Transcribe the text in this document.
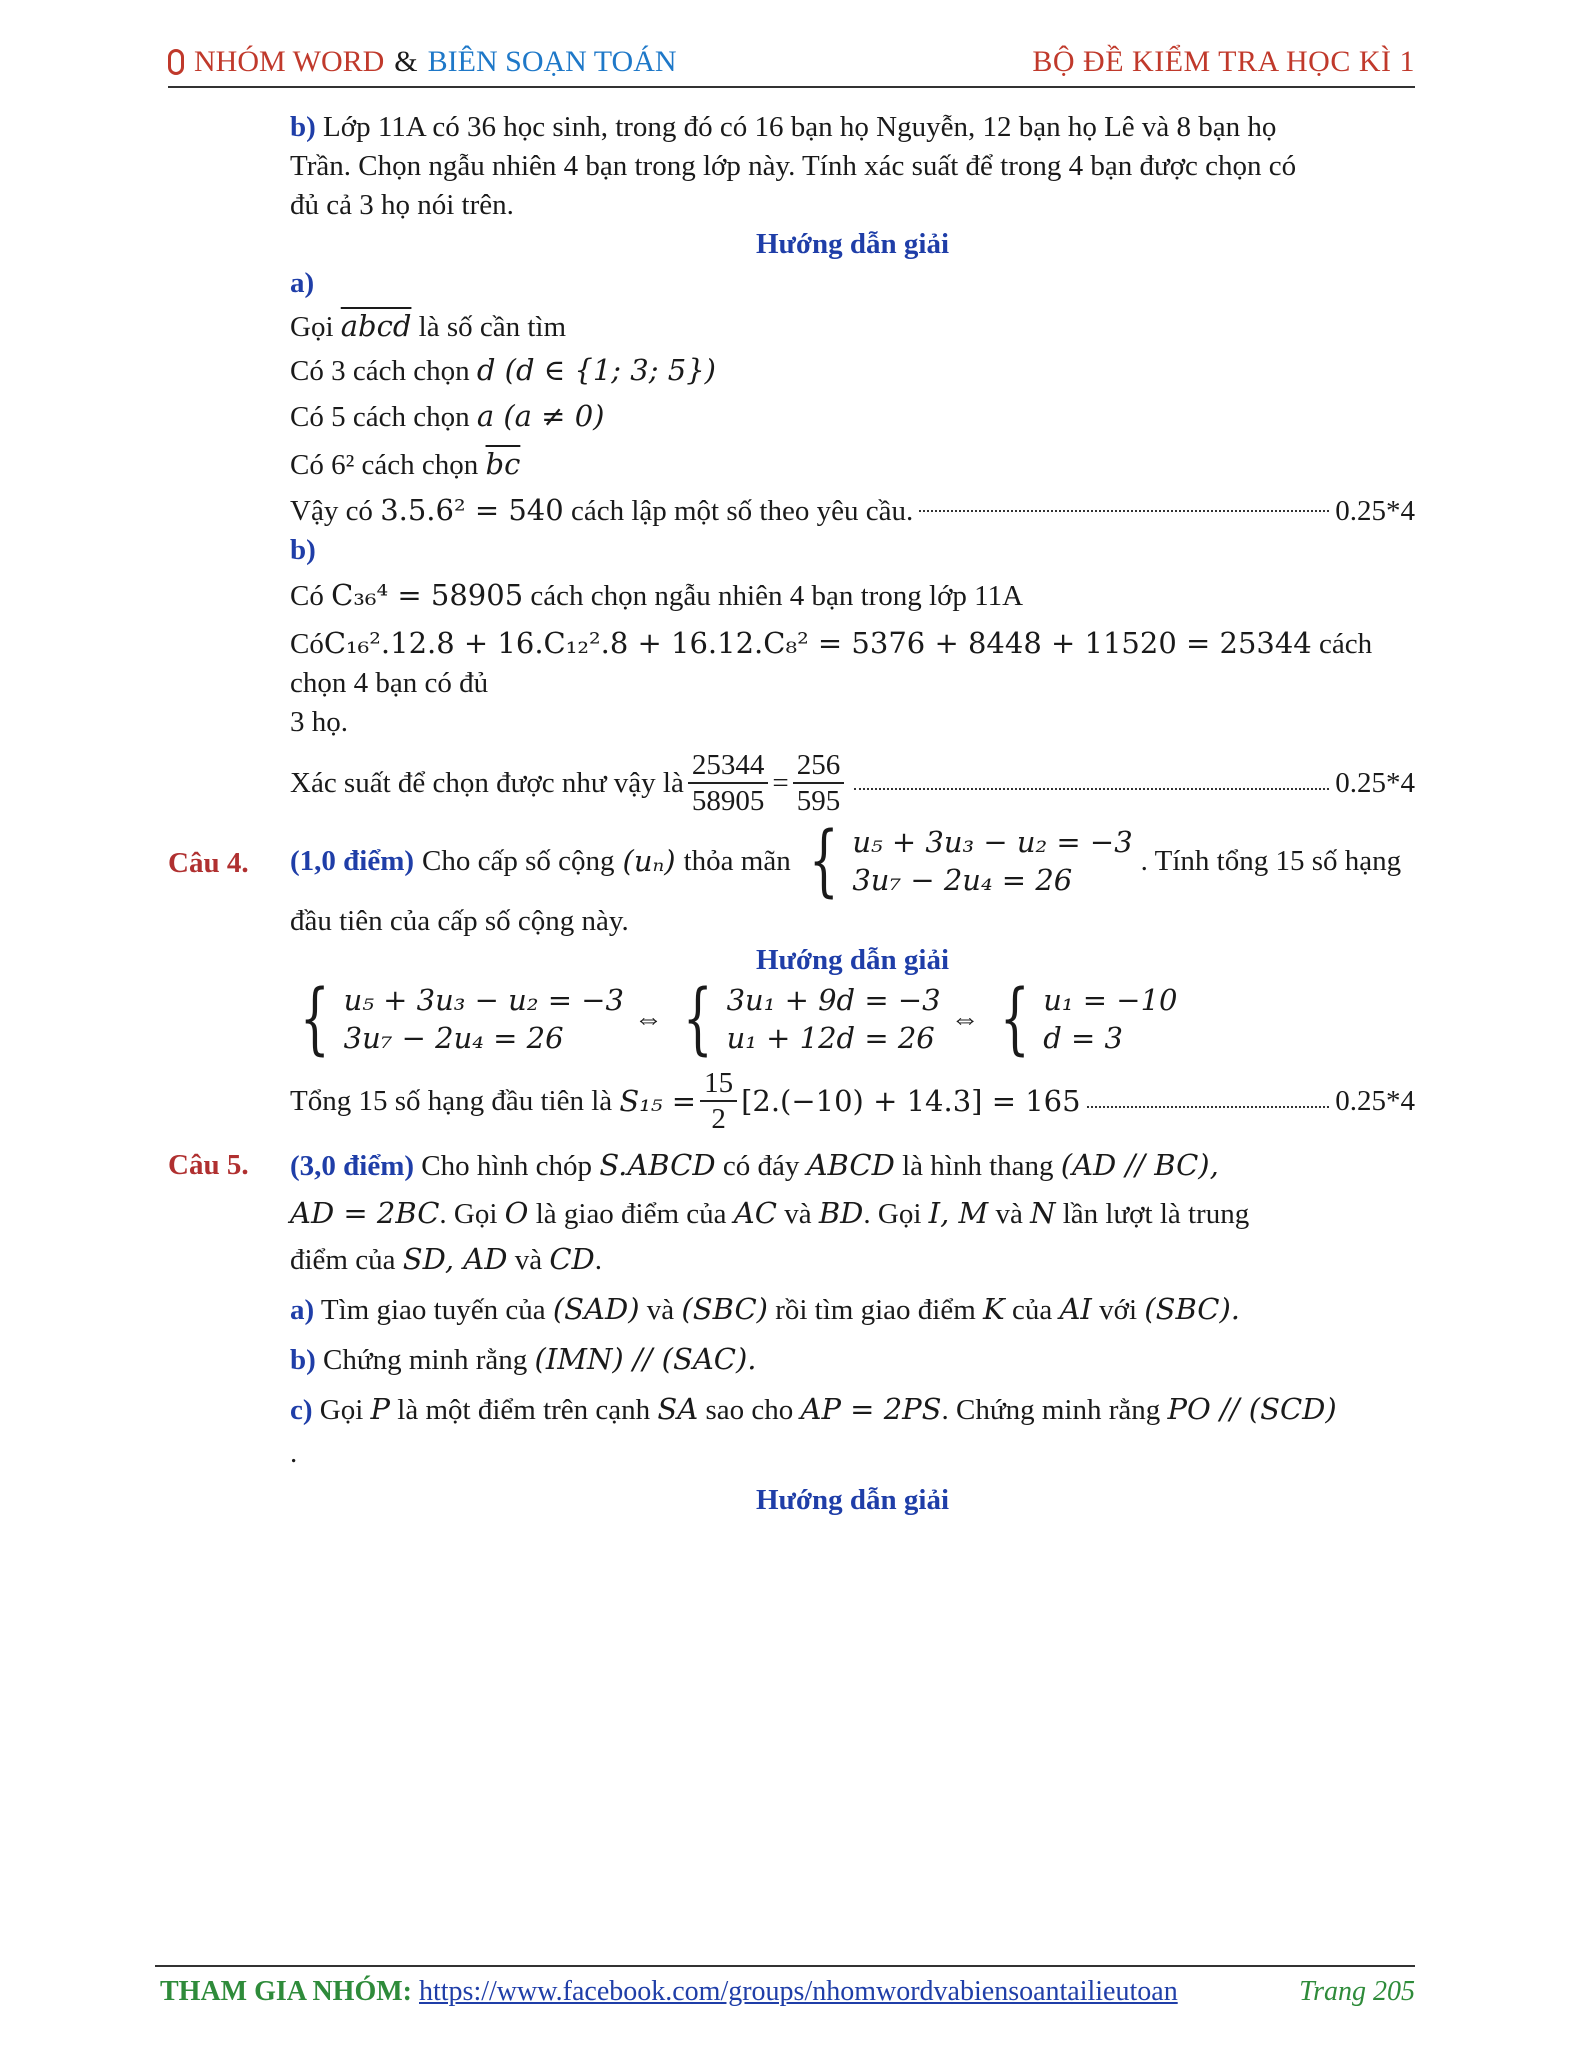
NHÓM WORD & BIÊN SOẠN TOÁN	BỘ ĐỀ KIỂM TRA HỌC KÌ 1
b) Lớp 11A có 36 học sinh, trong đó có 16 bạn họ Nguyễn, 12 bạn họ Lê và 8 bạn họ
Trần. Chọn ngẫu nhiên 4 bạn trong lớp này. Tính xác suất để trong 4 bạn được chọn có
đủ cả 3 họ nói trên.
Hướng dẫn giải
a)
Gọi abcd là số cần tìm
Có 3 cách chọn d (d ∈ {1; 3; 5})
Có 5 cách chọn a (a ≠ 0)
Có 6² cách chọn $\overline{bc}$
Vậy có
3.5.6² = 540
cách lập một số theo yêu cầu.	0.25*4
b)
Có C₃₆⁴ = 58905 cách chọn ngẫu nhiên 4 bạn trong lớp 11A
CóC₁₆².12.8 + 16.C₁₂².8 + 16.12.C₈² = 5376 + 8448 + 11520 = 25344 cách chọn 4 bạn có đủ
3 họ.
Xác suất để chọn được như vậy là $\frac{25344}{58905} = \frac{256}{595}$	0.25*4
Câu 4. (1,0 điểm) Cho cấp số cộng (uₙ) thỏa mãn { u₅ + 3u₃ − u₂ = −3
3u₇ − 2u₄ = 26
. Tính tổng 15 số hạng
đầu tiên của cấp số cộng này.
Hướng dẫn giải
{ u₅ + 3u₃ − u₂ = −3
3u₇ − 2u₄ = 26
⇔ { 3u₁ + 9d = −3
u₁ + 12d = 26
⇔ { u₁ = −10
d = 3
Tổng 15 số hạng đầu tiên là
$S_{15} = \frac{15}{2} [2.(-10) + 14.3] = 165$	0.25*4
Câu 5. (3,0 điểm) Cho hình chóp S.ABCD có đáy ABCD là hình thang (AD // BC),
AD = 2BC. Gọi O là giao điểm của AC và BD. Gọi I, M và N lần lượt là trung
điểm của SD, AD và CD.
a) Tìm giao tuyến của (SAD) và (SBC) rồi tìm giao điểm K của AI với (SBC).
b) Chứng minh rằng (IMN) // (SAC).
c) Gọi P là một điểm trên cạnh SA sao cho AP = 2PS. Chứng minh rằng PO // (SCD)
.
Hướng dẫn giải
THAM GIA NHÓM: https://www.facebook.com/groups/nhomwordvabiensoantailieutoan	Trang 205
